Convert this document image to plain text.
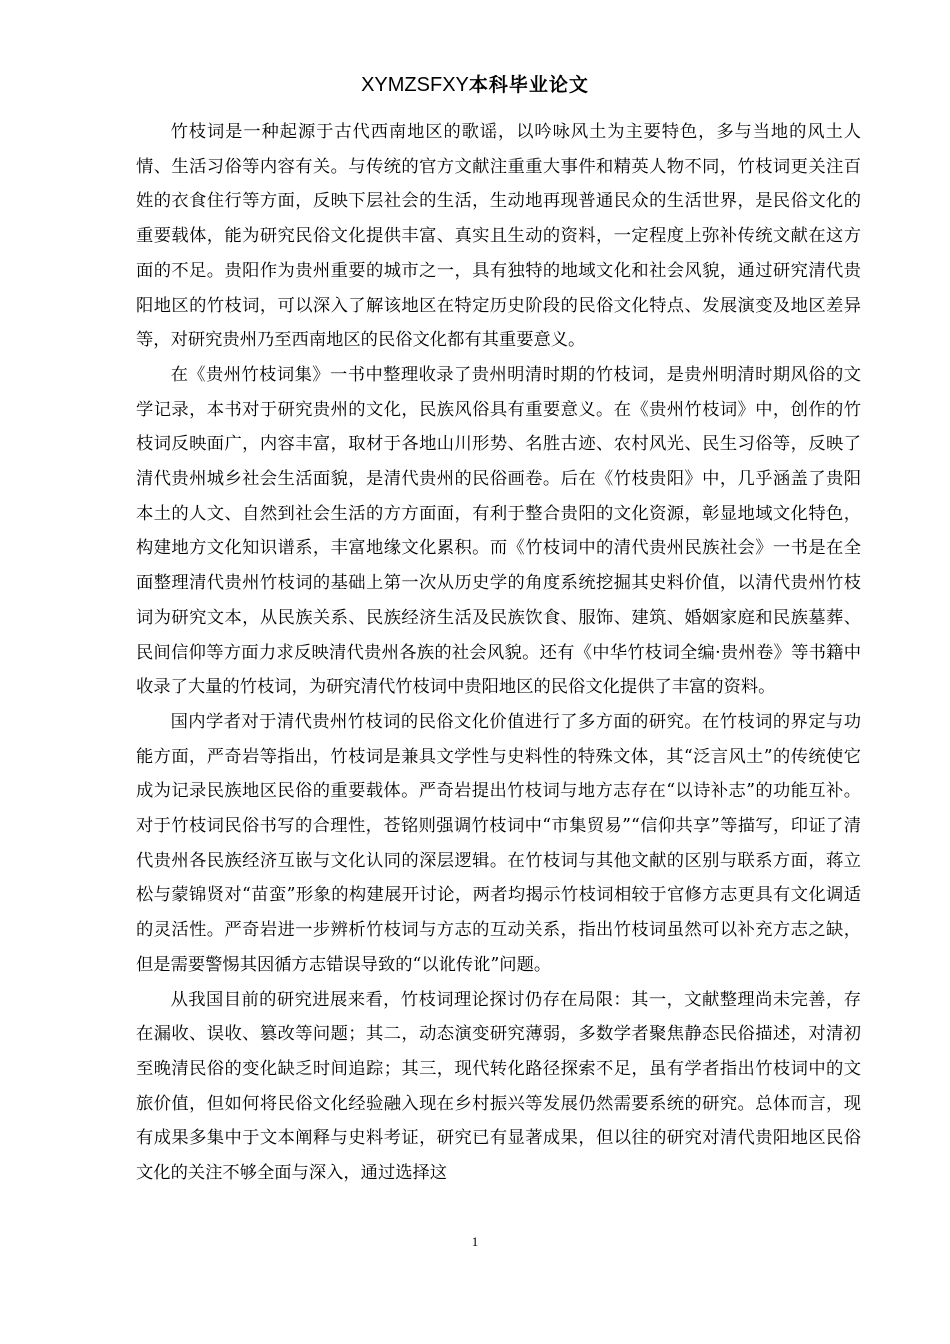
XYMZSFXY本科毕业论文

竹枝词是一种起源于古代西南地区的歌谣，以吟咏风土为主要特色，多与当地的风土人情、生活习俗等内容有关。与传统的官方文献注重重大事件和精英人物不同，竹枝词更关注百姓的衣食住行等方面，反映下层社会的生活，生动地再现普通民众的生活世界，是民俗文化的重要载体，能为研究民俗文化提供丰富、真实且生动的资料，一定程度上弥补传统文献在这方面的不足。贵阳作为贵州重要的城市之一，具有独特的地域文化和社会风貌，通过研究清代贵阳地区的竹枝词，可以深入了解该地区在特定历史阶段的民俗文化特点、发展演变及地区差异等，对研究贵州乃至西南地区的民俗文化都有其重要意义。

在《贵州竹枝词集》一书中整理收录了贵州明清时期的竹枝词，是贵州明清时期风俗的文学记录，本书对于研究贵州的文化，民族风俗具有重要意义。在《贵州竹枝词》中，创作的竹枝词反映面广，内容丰富，取材于各地山川形势、名胜古迹、农村风光、民生习俗等，反映了清代贵州城乡社会生活面貌，是清代贵州的民俗画卷。后在《竹枝贵阳》中，几乎涵盖了贵阳本土的人文、自然到社会生活的方方面面，有利于整合贵阳的文化资源，彰显地域文化特色，构建地方文化知识谱系，丰富地缘文化累积。而《竹枝词中的清代贵州民族社会》一书是在全面整理清代贵州竹枝词的基础上第一次从历史学的角度系统挖掘其史料价值，以清代贵州竹枝词为研究文本，从民族关系、民族经济生活及民族饮食、服饰、建筑、婚姻家庭和民族墓葬、民间信仰等方面力求反映清代贵州各族的社会风貌。还有《中华竹枝词全编·贵州卷》等书籍中收录了大量的竹枝词，为研究清代竹枝词中贵阳地区的民俗文化提供了丰富的资料。

国内学者对于清代贵州竹枝词的民俗文化价值进行了多方面的研究。在竹枝词的界定与功能方面，严奇岩等指出，竹枝词是兼具文学性与史料性的特殊文体，其“泛言风土”的传统使它成为记录民族地区民俗的重要载体。严奇岩提出竹枝词与地方志存在“以诗补志”的功能互补。对于竹枝词民俗书写的合理性，苍铭则强调竹枝词中“市集贸易”“信仰共享”等描写，印证了清代贵州各民族经济互嵌与文化认同的深层逻辑。在竹枝词与其他文献的区别与联系方面，蒋立松与蒙锦贤对“苗蛮”形象的构建展开讨论，两者均揭示竹枝词相较于官修方志更具有文化调适的灵活性。严奇岩进一步辨析竹枝词与方志的互动关系，指出竹枝词虽然可以补充方志之缺，但是需要警惕其因循方志错误导致的“以讹传讹”问题。

从我国目前的研究进展来看，竹枝词理论探讨仍存在局限：其一，文献整理尚未完善，存在漏收、误收、篡改等问题；其二，动态演变研究薄弱，多数学者聚焦静态民俗描述，对清初至晚清民俗的变化缺乏时间追踪；其三，现代转化路径探索不足，虽有学者指出竹枝词中的文旅价值，但如何将民俗文化经验融入现在乡村振兴等发展仍然需要系统的研究。总体而言，现有成果多集中于文本阐释与史料考证，研究已有显著成果，但以往的研究对清代贵阳地区民俗文化的关注不够全面与深入，通过选择这

1
